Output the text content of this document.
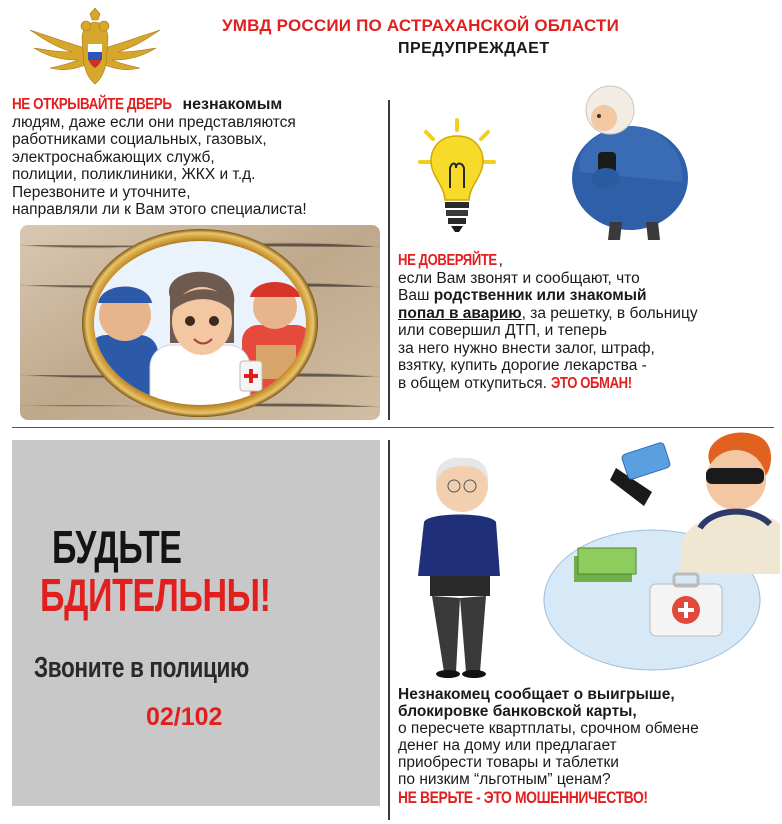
УМВД РОССИИ ПО АСТРАХАНСКОЙ ОБЛАСТИ
ПРЕДУПРЕЖДАЕТ
НЕ ОТКРЫВАЙТЕ ДВЕРЬ незнакомым
людям, даже если они представляются
работниками социальных, газовых,
электроснабжающих служб,
полиции, поликлиники, ЖКХ и т.д.
Перезвоните и уточните,
направляли ли к Вам этого специалиста!
НЕ ДОВЕРЯЙТЕ ,
если Вам звонят и сообщают, что
Ваш родственник или знакомый
попал в аварию, за решетку, в больницу
или совершил ДТП, и теперь
за него нужно внести залог, штраф,
взятку, купить дорогие лекарства -
в общем откупиться. ЭТО ОБМАН!
БУДЬТЕ
БДИТЕЛЬНЫ!
Звоните в полицию
02/102
Незнакомец сообщает о выигрыше,
блокировке банковской карты,
о пересчете квартплаты, срочном обмене
денег на дому или предлагает
приобрести товары и таблетки
по низким “льготным” ценам?
НЕ ВЕРЬТЕ - ЭТО МОШЕННИЧЕСТВО!
